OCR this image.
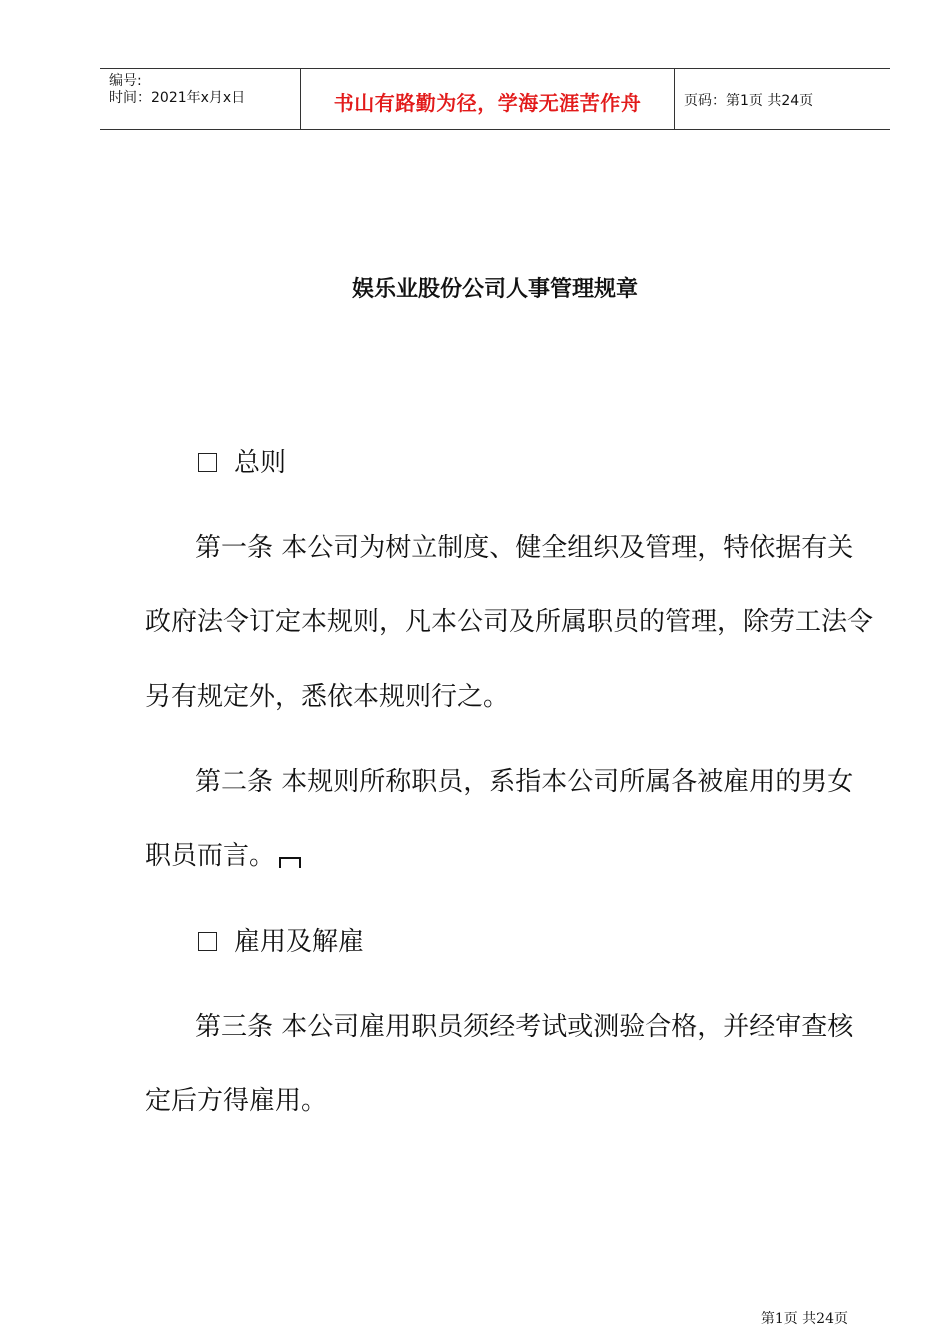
编号:
时间：2021年x月x日	书山有路勤为径，学海无涯苦作舟	页码：第1页 共24页
娱乐业股份公司人事管理规章
总则
第一条 本公司为树立制度、健全组织及管理，特依据有关
政府法令订定本规则，凡本公司及所属职员的管理，除劳工法令
另有规定外，悉依本规则行之。
第二条 本规则所称职员，系指本公司所属各被雇用的男女
职员而言。
雇用及解雇
第三条 本公司雇用职员须经考试或测验合格，并经审查核
定后方得雇用。
第1页 共24页
